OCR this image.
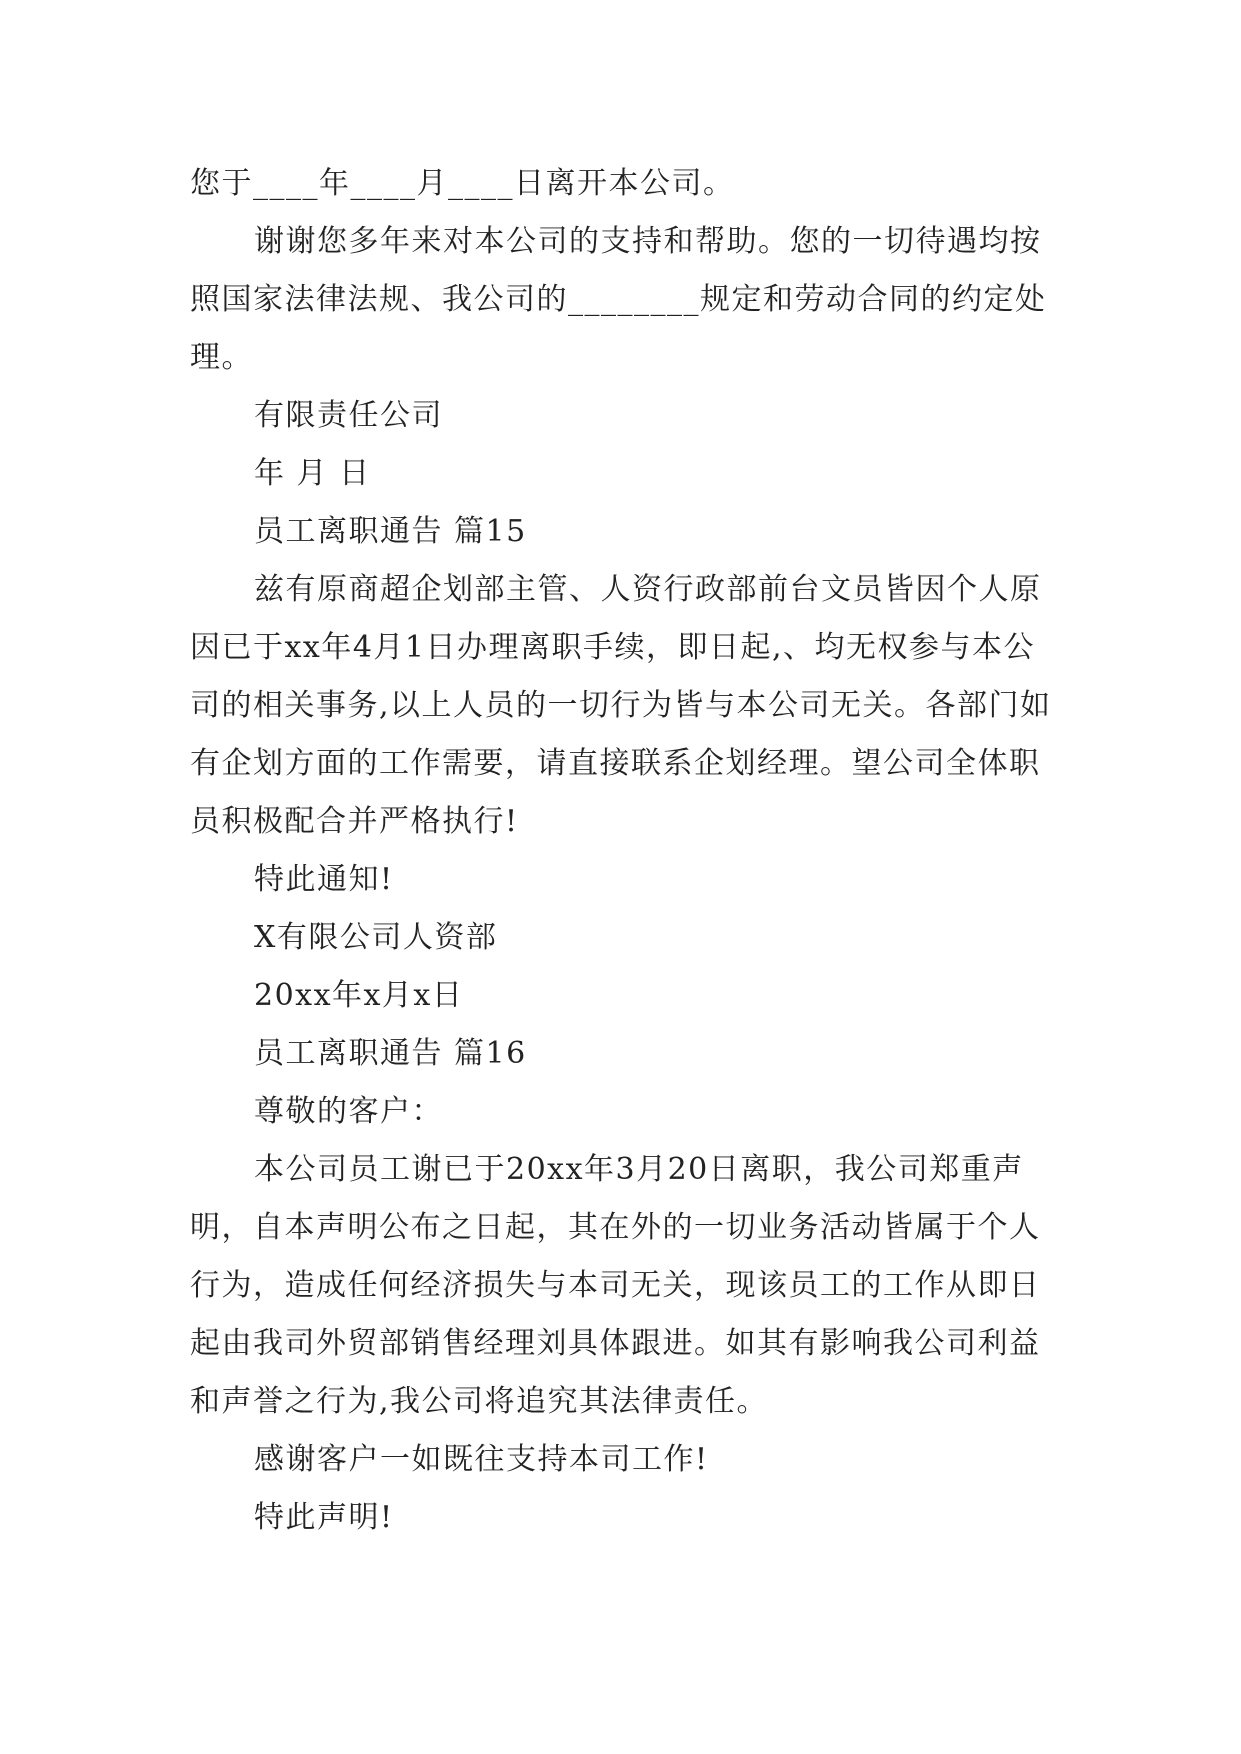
您于____年____月____日离开本公司。

谢谢您多年来对本公司的支持和帮助。您的一切待遇均按照国家法律法规、我公司的________规定和劳动合同的约定处理。

有限责任公司

年 月 日

员工离职通告 篇15

兹有原商超企划部主管、人资行政部前台文员皆因个人原因已于xx年4月1日办理离职手续，即日起,、均无权参与本公司的相关事务,以上人员的一切行为皆与本公司无关。各部门如有企划方面的工作需要，请直接联系企划经理。望公司全体职员积极配合并严格执行!

特此通知!

X有限公司人资部

20xx年x月x日

员工离职通告 篇16

尊敬的客户：

本公司员工谢已于20xx年3月20日离职，我公司郑重声明，自本声明公布之日起，其在外的一切业务活动皆属于个人行为，造成任何经济损失与本司无关，现该员工的工作从即日起由我司外贸部销售经理刘具体跟进。如其有影响我公司利益和声誉之行为,我公司将追究其法律责任。

感谢客户一如既往支持本司工作!

特此声明!
